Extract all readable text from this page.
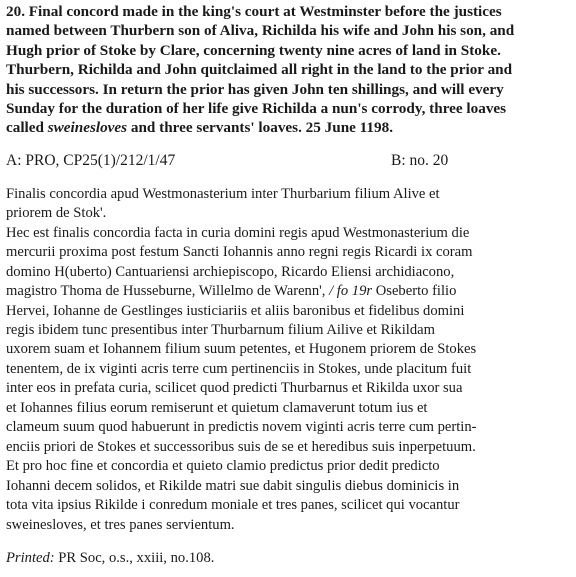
20. Final concord made in the king's court at Westminster before the justices
named between Thurbern son of Aliva, Richilda his wife and John his son, and
Hugh prior of Stoke by Clare, concerning twenty nine acres of land in Stoke.
Thurbern, Richilda and John quitclaimed all right in the land to the prior and
his successors. In return the prior has given John ten shillings, and will every
Sunday for the duration of her life give Richilda a nun's corrody, three loaves
called sweinesloves and three servants' loaves. 25 June 1198.

A: PRO, CP25(1)/212/1/47	B: no. 20

Finalis concordia apud Westmonasterium inter Thurbarium filium Alive et
priorem de Stok'.

Hec est finalis concordia facta in curia domini regis apud Westmonasterium die
mercurii proxima post festum Sancti Iohannis anno regni regis Ricardi ix coram
domino H(uberto) Cantuariensi archiepiscopo, Ricardo Eliensi archidiacono,
magistro Thoma de Husseburne, Willelmo de Warenn', / fo 19r Oseberto filio
Hervei, Iohanne de Gestlinges iusticiariis et aliis baronibus et fidelibus domini
regis ibidem tunc presentibus inter Thurbarnum filium Ailive et Rikildam
uxorem suam et Iohannem filium suum petentes, et Hugonem priorem de Stokes
tenentem, de ix viginti acris terre cum pertinenciis in Stokes, unde placitum fuit
inter eos in prefata curia, scilicet quod predicti Thurbarnus et Rikilda uxor sua
et Iohannes filius eorum remiserunt et quietum clamaverunt totum ius et
clameum suum quod habuerunt in predictis novem viginti acris terre cum pertin-
enciis priori de Stokes et successoribus suis de se et heredibus suis inperpetuum.
Et pro hoc fine et concordia et quieto clamio predictus prior dedit predicto
Iohanni decem solidos, et Rikilde matri sue dabit singulis diebus dominicis in
tota vita ipsius Rikilde i conredum moniale et tres panes, scilicet qui vocantur
sweinesloves, et tres panes servientum.

Printed: PR Soc, o.s., xxiii, no.108.
